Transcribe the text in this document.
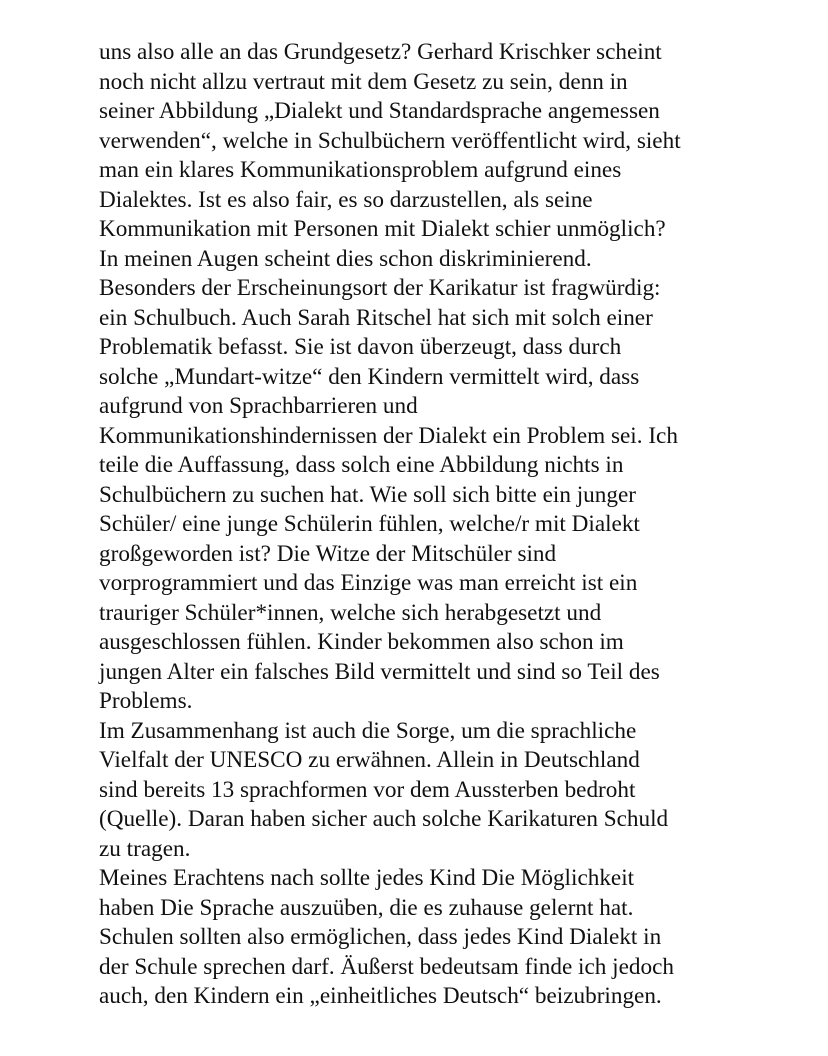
uns also alle an das Grundgesetz? Gerhard Krischker scheint
noch nicht allzu vertraut mit dem Gesetz zu sein, denn in
seiner Abbildung „Dialekt und Standardsprache angemessen
verwenden“, welche in Schulbüchern veröffentlicht wird, sieht
man ein klares Kommunikationsproblem aufgrund eines
Dialektes. Ist es also fair, es so darzustellen, als seine
Kommunikation mit Personen mit Dialekt schier unmöglich?
In meinen Augen scheint dies schon diskriminierend.
Besonders der Erscheinungsort der Karikatur ist fragwürdig:
ein Schulbuch. Auch Sarah Ritschel hat sich mit solch einer
Problematik befasst. Sie ist davon überzeugt, dass durch
solche „Mundart-witze“ den Kindern vermittelt wird, dass
aufgrund von Sprachbarrieren und
Kommunikationshindernissen der Dialekt ein Problem sei. Ich
teile die Auffassung, dass solch eine Abbildung nichts in
Schulbüchern zu suchen hat. Wie soll sich bitte ein junger
Schüler/ eine junge Schülerin fühlen, welche/r mit Dialekt
großgeworden ist? Die Witze der Mitschüler sind
vorprogrammiert und das Einzige was man erreicht ist ein
trauriger Schüler*innen, welche sich herabgesetzt und
ausgeschlossen fühlen. Kinder bekommen also schon im
jungen Alter ein falsches Bild vermittelt und sind so Teil des
Problems.
Im Zusammenhang ist auch die Sorge, um die sprachliche
Vielfalt der UNESCO zu erwähnen. Allein in Deutschland
sind bereits 13 sprachformen vor dem Aussterben bedroht
(Quelle). Daran haben sicher auch solche Karikaturen Schuld
zu tragen.
Meines Erachtens nach sollte jedes Kind Die Möglichkeit
haben Die Sprache auszuüben, die es zuhause gelernt hat.
Schulen sollten also ermöglichen, dass jedes Kind Dialekt in
der Schule sprechen darf. Äußerst bedeutsam finde ich jedoch
auch, den Kindern ein „einheitliches Deutsch“ beizubringen.
